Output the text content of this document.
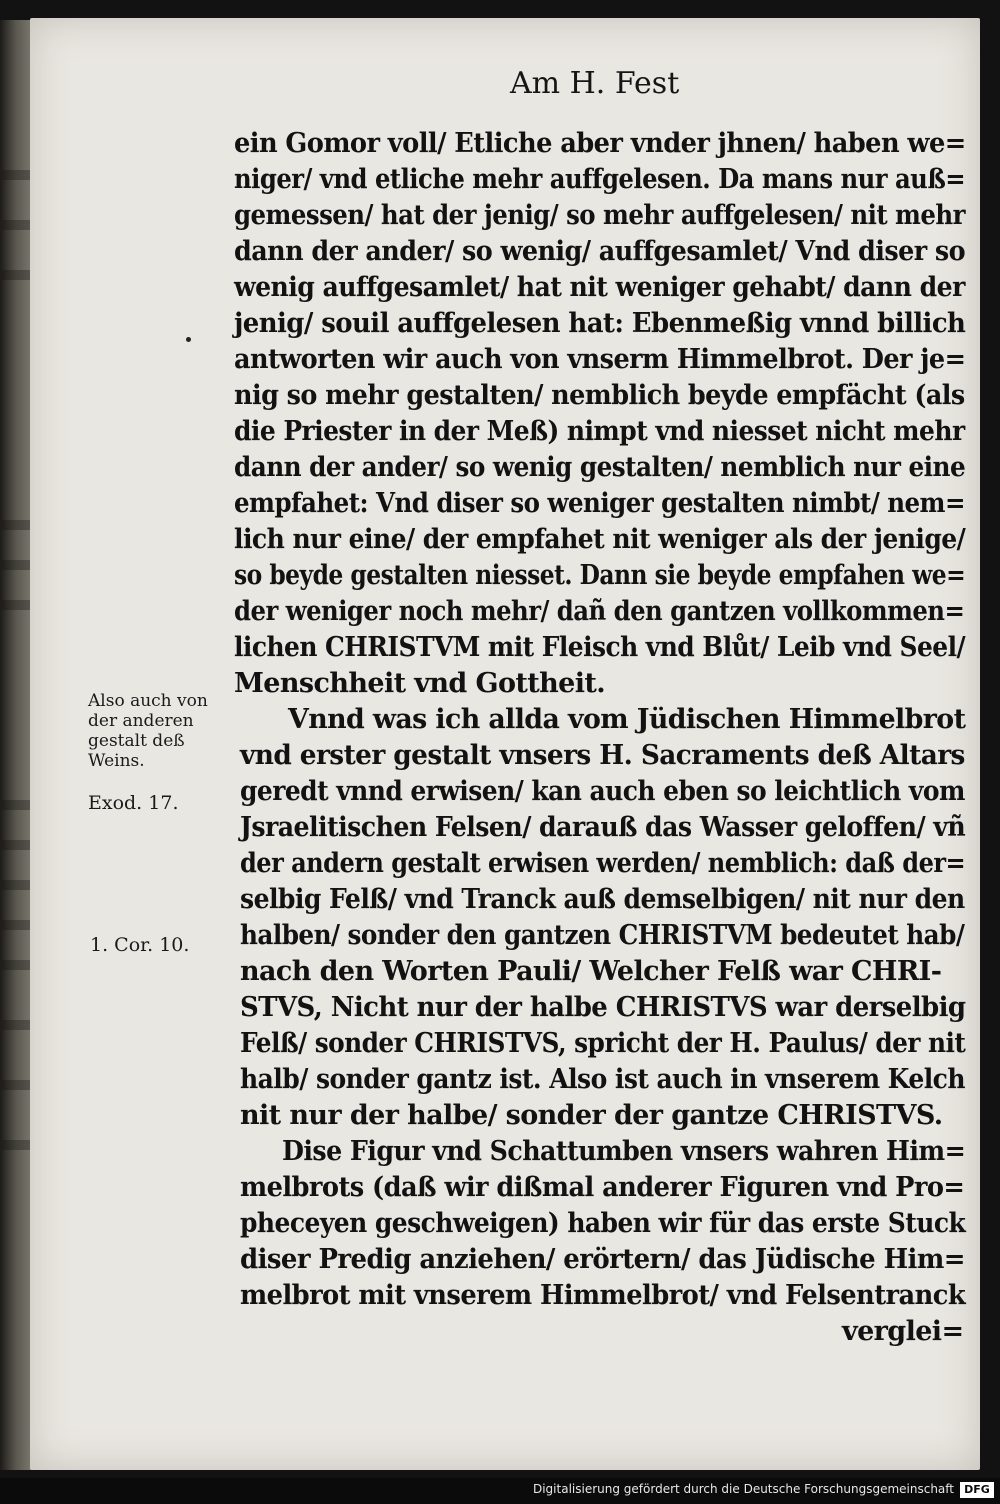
Am H. Fest
ein Gomor voll/ Etliche aber vnder jhnen/ haben we=
niger/ vnd etliche mehr auffgelesen. Da mans nur auß=
gemessen/ hat der jenig/ so mehr auffgelesen/ nit mehr
dann der ander/ so wenig/ auffgesamlet/ Vnd diser so
wenig auffgesamlet/ hat nit weniger gehabt/ dann der
jenig/ souil auffgelesen hat: Ebenmeßig vnnd billich
antworten wir auch von vnserm Himmelbrot. Der je=
nig so mehr gestalten/ nemblich beyde empfächt (als
die Priester in der Meß) nimpt vnd niesset nicht mehr
dann der ander/ so wenig gestalten/ nemblich nur eine
empfahet: Vnd diser so weniger gestalten nimbt/ nem=
lich nur eine/ der empfahet nit weniger als der jenige/
so beyde gestalten niesset. Dann sie beyde empfahen we=
der weniger noch mehr/ dañ den gantzen vollkommen=
lichen CHRISTVM mit Fleisch vnd Blůt/ Leib vnd Seel/
Menschheit vnd Gottheit.
Vnnd was ich allda vom Jüdischen Himmelbrot
vnd erster gestalt vnsers H. Sacraments deß Altars
geredt vnnd erwisen/ kan auch eben so leichtlich vom
Jsraelitischen Felsen/ darauß das Wasser geloffen/ vñ
der andern gestalt erwisen werden/ nemblich: daß der=
selbig Felß/ vnd Tranck auß demselbigen/ nit nur den
halben/ sonder den gantzen CHRISTVM bedeutet hab/
nach den Worten Pauli/ Welcher Felß war CHRI-
STVS, Nicht nur der halbe CHRISTVS war derselbig
Felß/ sonder CHRISTVS, spricht der H. Paulus/ der nit
halb/ sonder gantz ist. Also ist auch in vnserem Kelch
nit nur der halbe/ sonder der gantze CHRISTVS.
Dise Figur vnd Schattumben vnsers wahren Him=
melbrots (daß wir dißmal anderer Figuren vnd Pro=
pheceyen geschweigen) haben wir für das erste Stuck
diser Predig anziehen/ erörtern/ das Jüdische Him=
melbrot mit vnserem Himmelbrot/ vnd Felsentranck
verglei=
Also auch von
der anderen
gestalt deß
Weins.
Exod. 17.
1. Cor. 10.
Digitalisierung gefördert durch die Deutsche Forschungsgemeinschaft DFG
